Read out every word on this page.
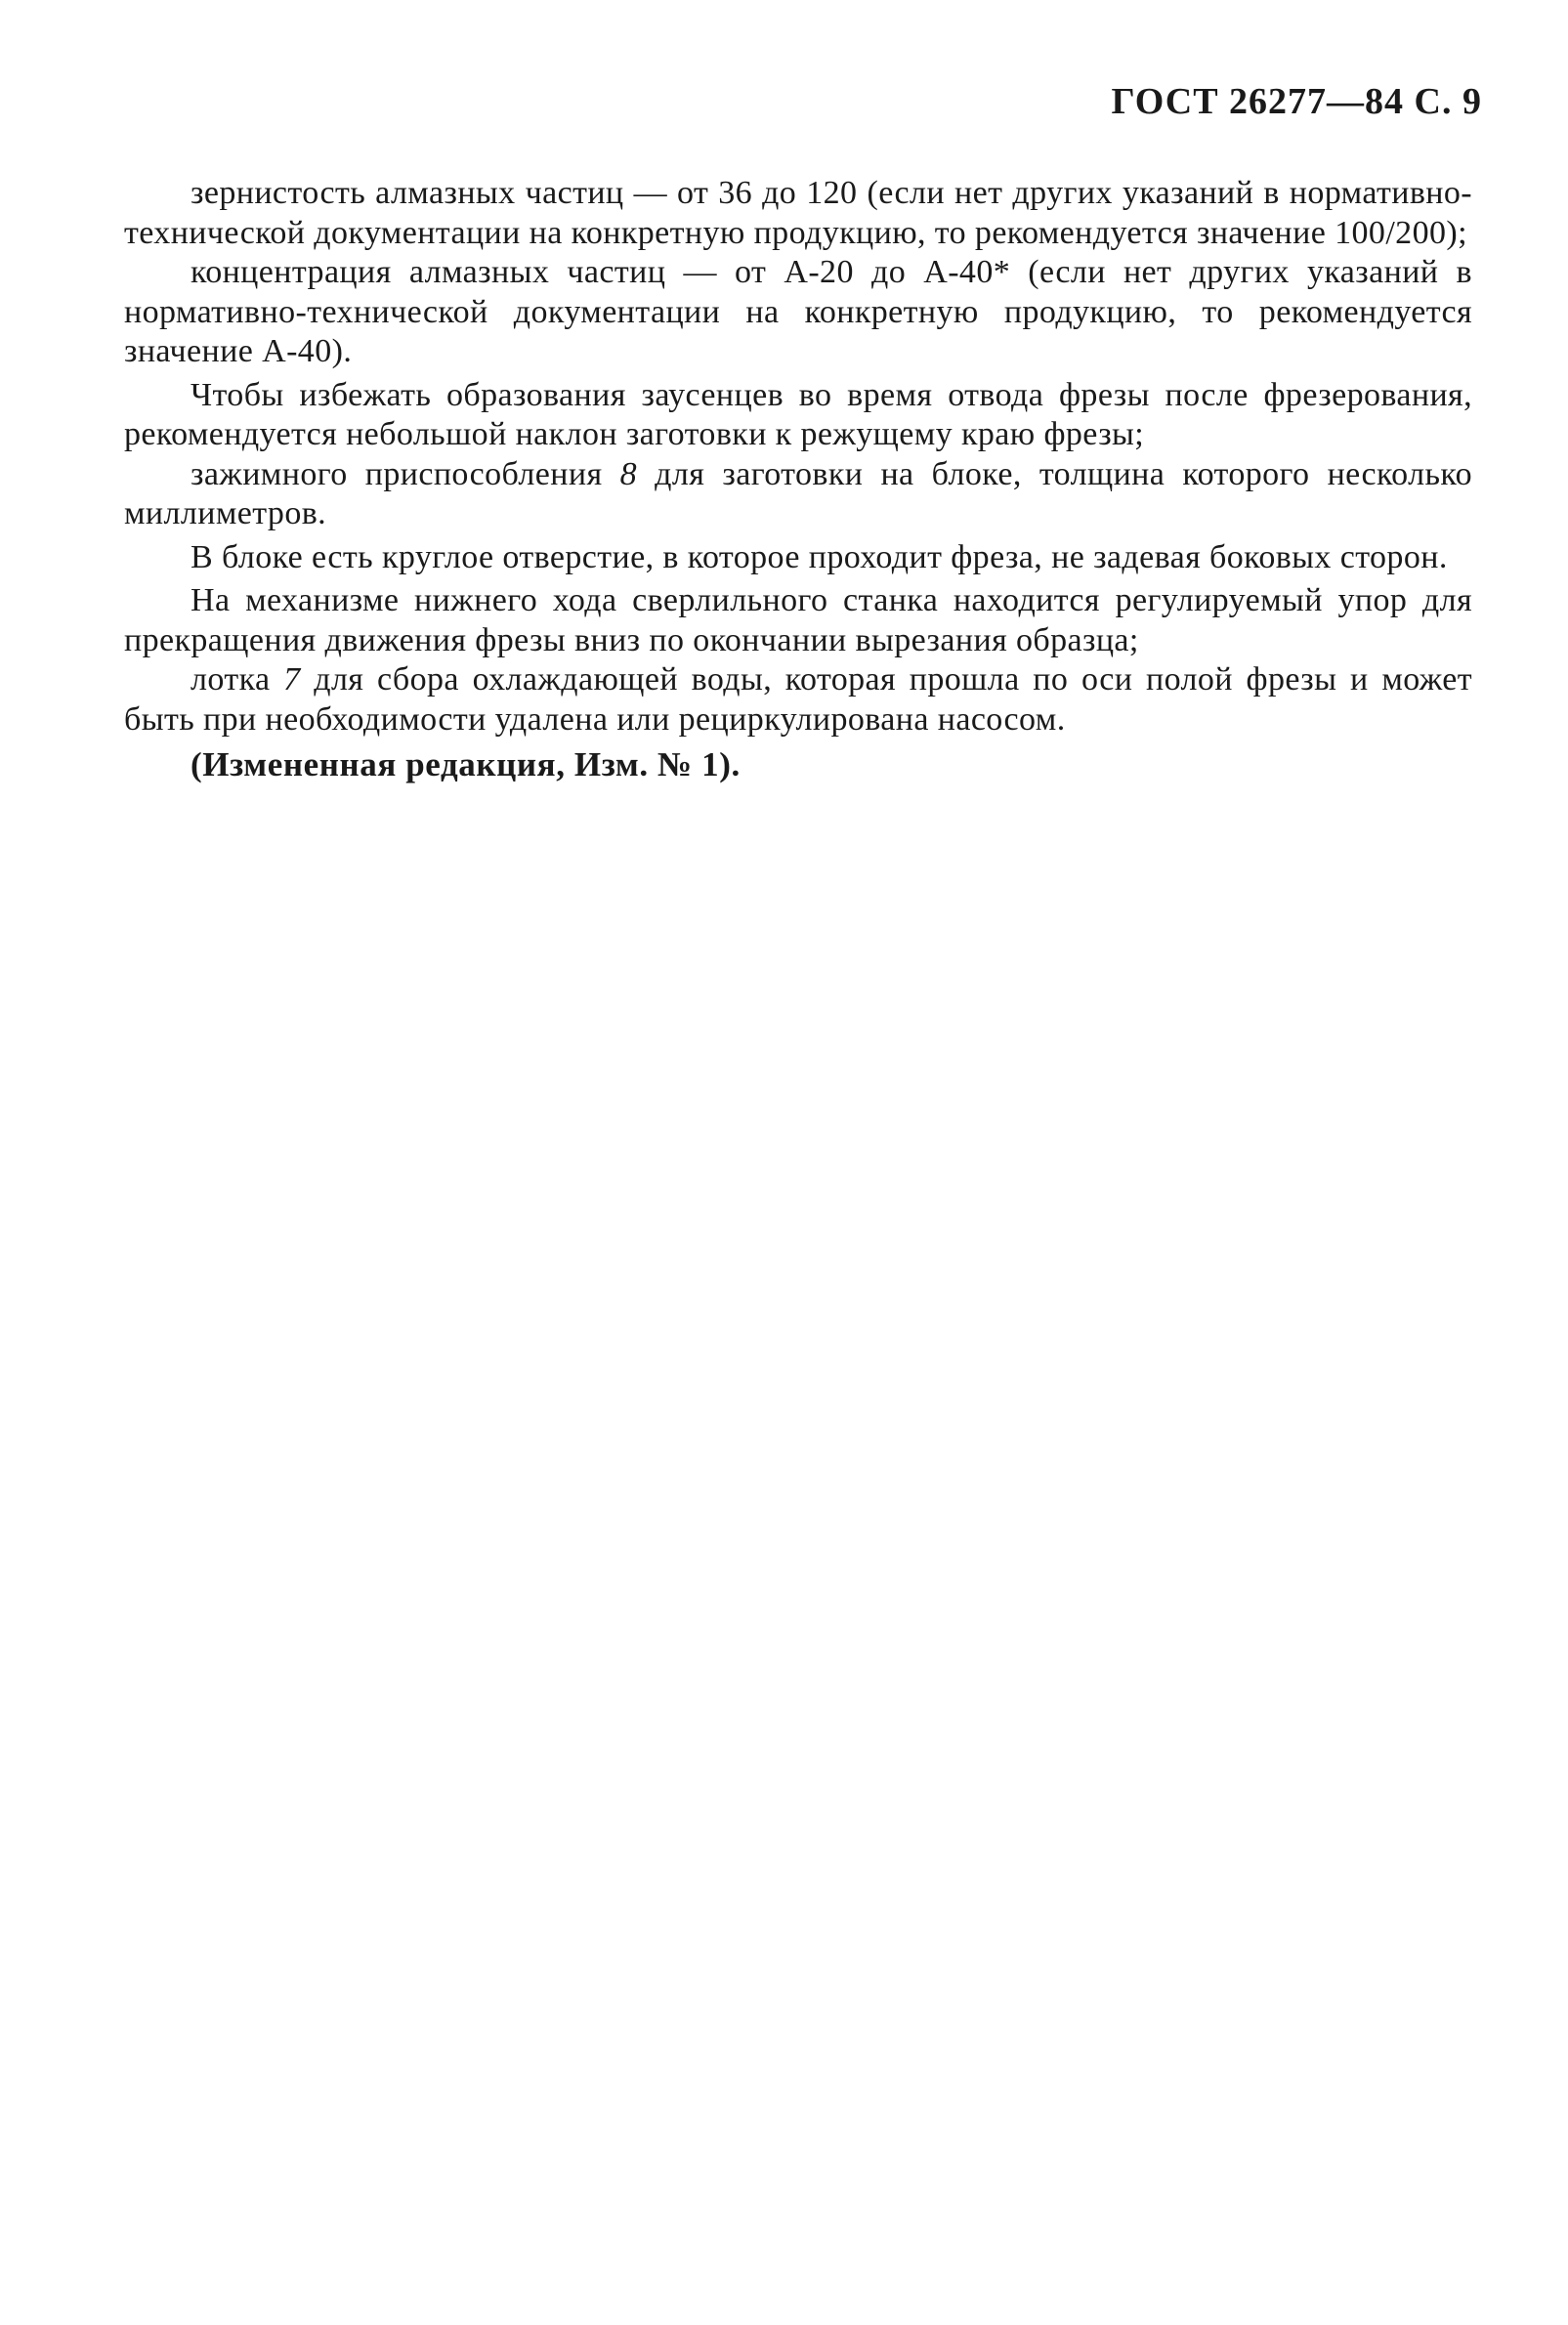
ГОСТ 26277—84 С. 9

зернистость алмазных частиц — от 36 до 120 (если нет других указаний в нормативно-технической документации на конкретную продукцию, то рекомендуется значение 100/200);

концентрация алмазных частиц — от А-20 до А-40* (если нет других указаний в нормативно-технической документации на конкретную продукцию, то рекомендуется значение А-40).

Чтобы избежать образования заусенцев во время отвода фрезы после фрезерования, рекомендуется небольшой наклон заготовки к режущему краю фрезы;

зажимного приспособления 8 для заготовки на блоке, толщина которого несколько миллиметров.

В блоке есть круглое отверстие, в которое проходит фреза, не задевая боковых сторон.

На механизме нижнего хода сверлильного станка находится регулируемый упор для прекращения движения фрезы вниз по окончании вырезания образца;

лотка 7 для сбора охлаждающей воды, которая прошла по оси полой фрезы и может быть при необходимости удалена или рециркулирована насосом.

(Измененная редакция, Изм. № 1).
